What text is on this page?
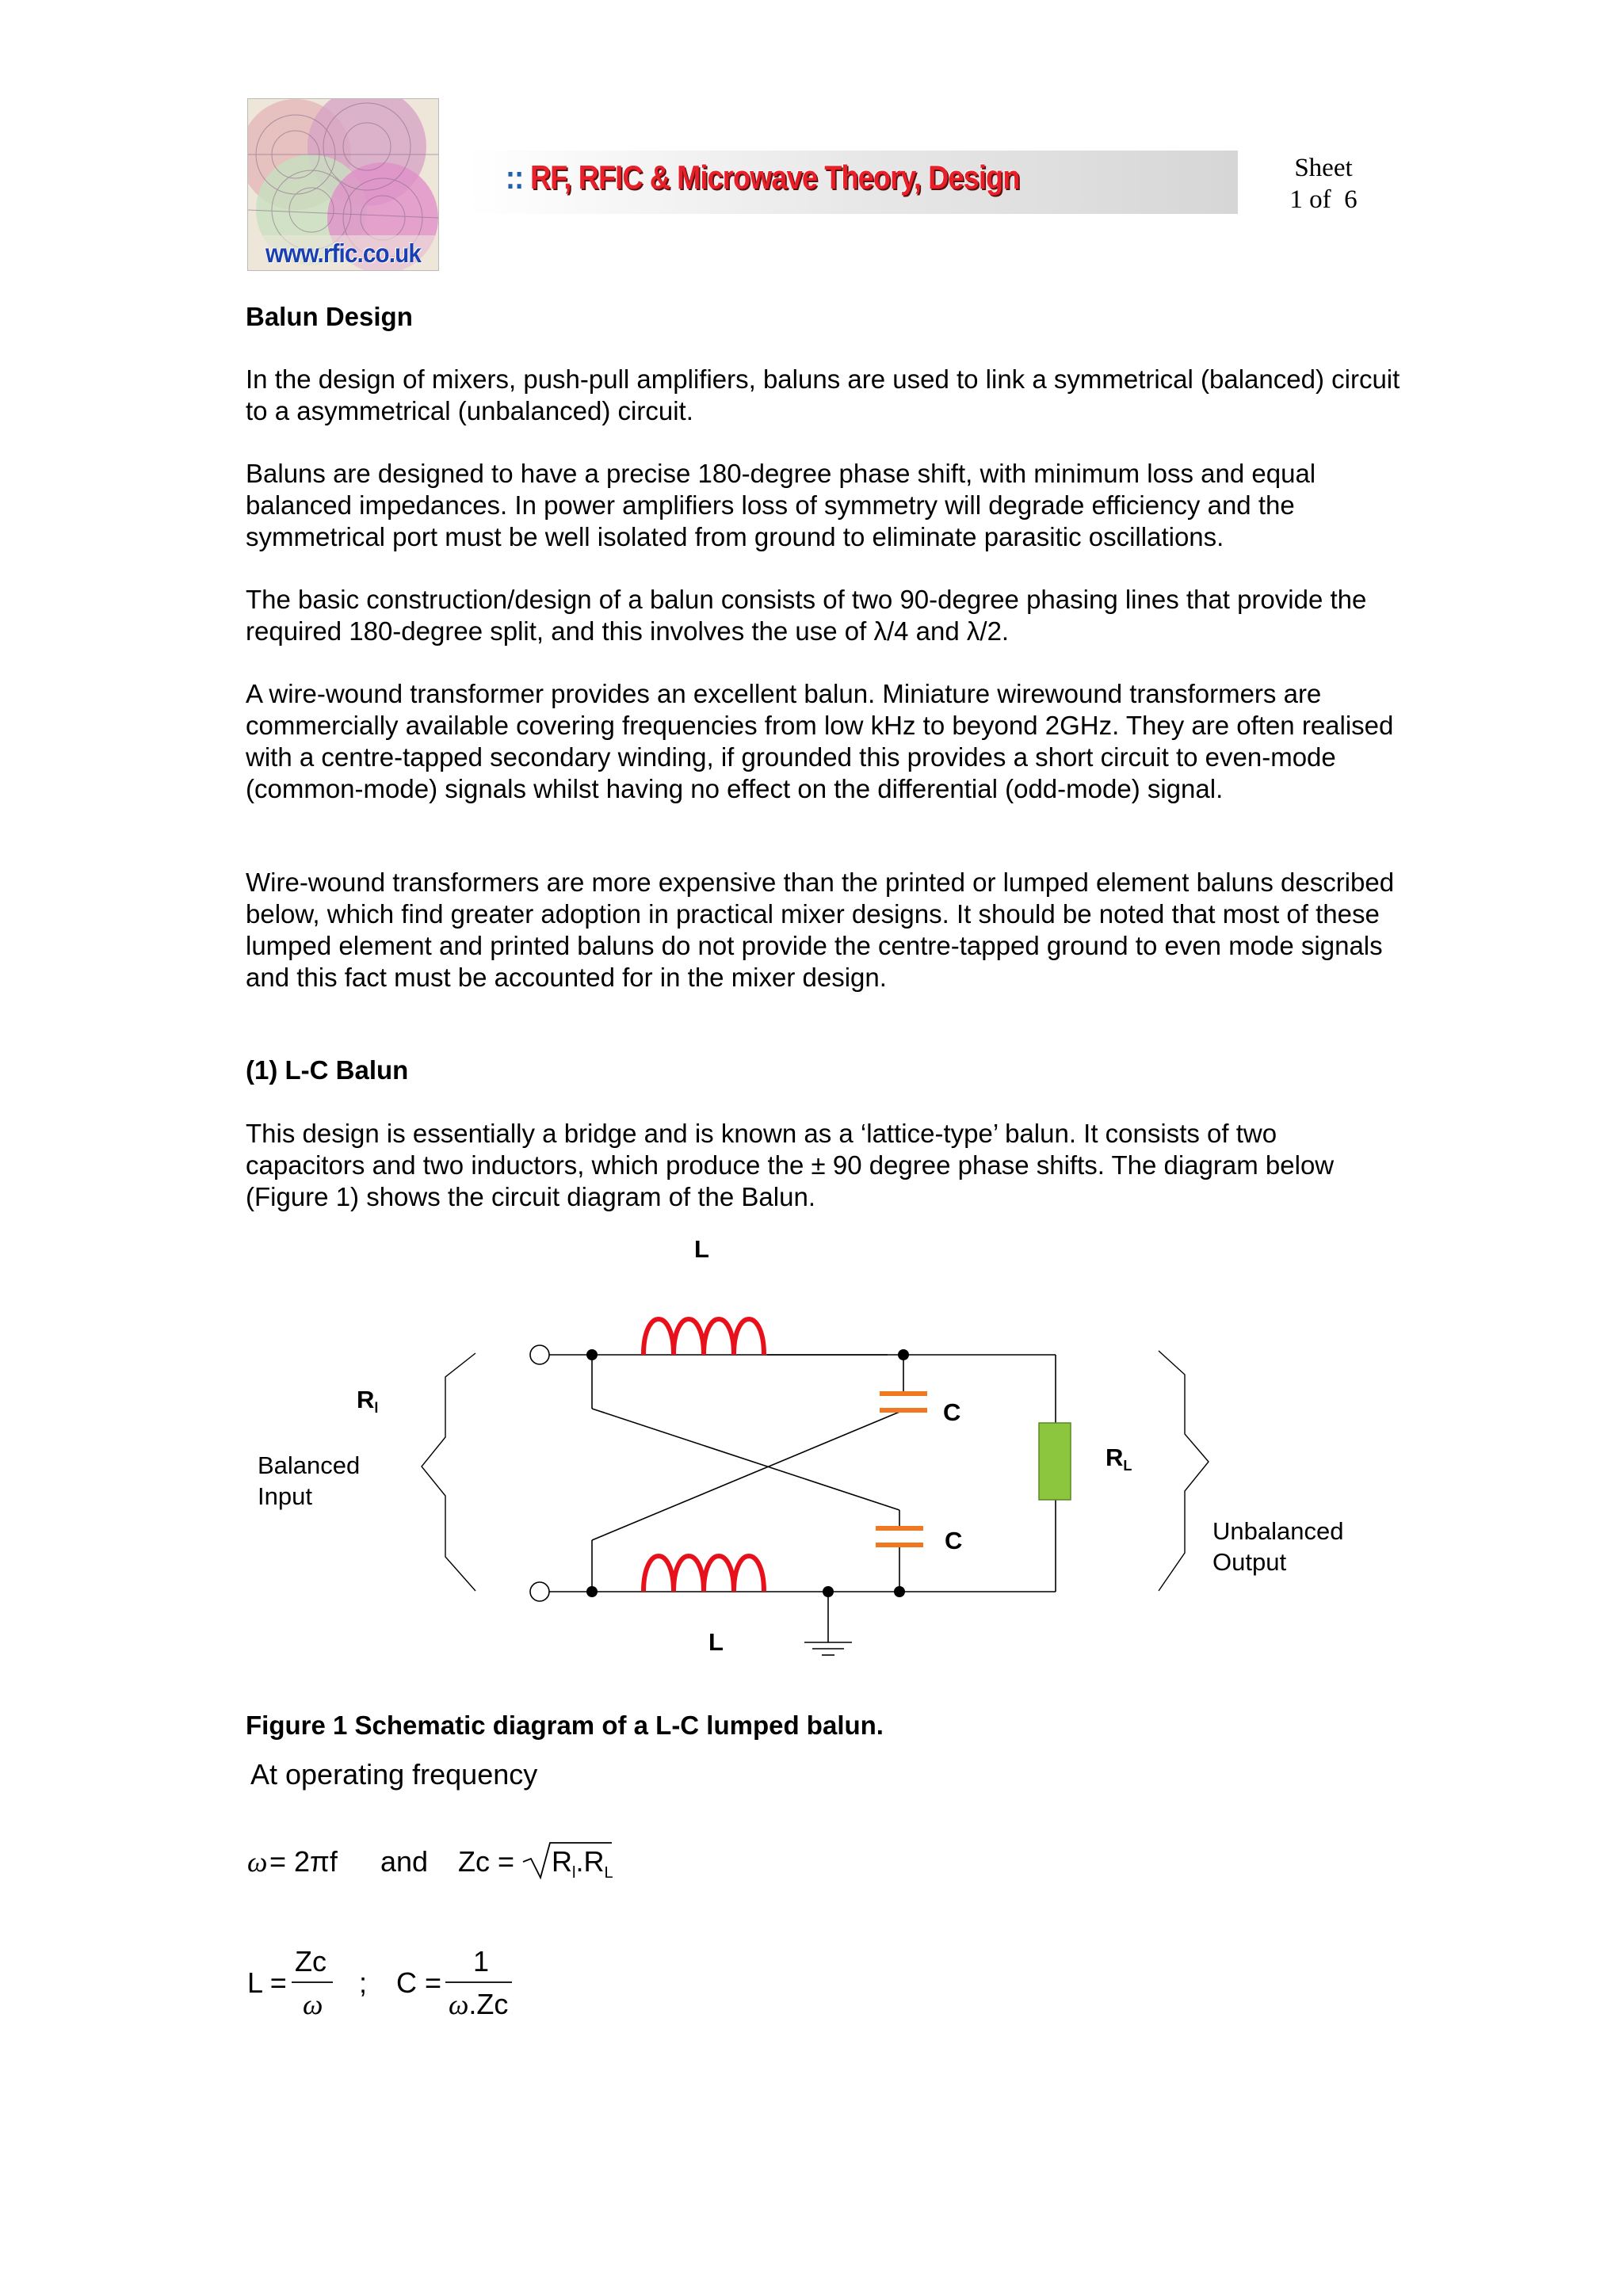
www.rfic.co.uk
:: RF, RFIC & Microwave Theory, Design	Sheet
1 of  6
Balun Design

In the design of mixers, push-pull amplifiers, baluns are used to link a symmetrical (balanced) circuit to a asymmetrical (unbalanced) circuit.

Baluns are designed to have a precise 180-degree phase shift, with minimum loss and equal balanced impedances. In power amplifiers loss of symmetry will degrade efficiency and the symmetrical port must be well isolated from ground to eliminate parasitic oscillations.

The basic construction/design of a balun consists of two 90-degree phasing lines that provide the required 180-degree split, and this involves the use of λ/4 and λ/2.

A wire-wound transformer provides an excellent balun. Miniature wirewound transformers are commercially available covering frequencies from low kHz to beyond 2GHz. They are often realised with a centre-tapped secondary winding, if grounded this provides a short circuit to even-mode (common-mode) signals whilst having no effect on the differential (odd-mode) signal.

Wire-wound transformers are more expensive than the printed or lumped element baluns described below, which find greater adoption in practical mixer designs. It should be noted that most of these lumped element and printed baluns do not provide the centre-tapped ground to even mode signals and this fact must be accounted for in the mixer design.

(1) L-C Balun

This design is essentially a bridge and is known as a ‘lattice-type’ balun. It consists of two capacitors and two inductors, which produce the ± 90 degree phase shifts. The diagram below (Figure 1) shows the circuit diagram of the Balun.

L
L
C
C
Rl
RL
Balanced
Input
Unbalanced
Output
Figure 1 Schematic diagram of a L-C lumped balun.
At operating frequency
ω = 2πf and $Zc = R_l.R_L$
L =
Zc
ω
; C =
1
ω.Zc
